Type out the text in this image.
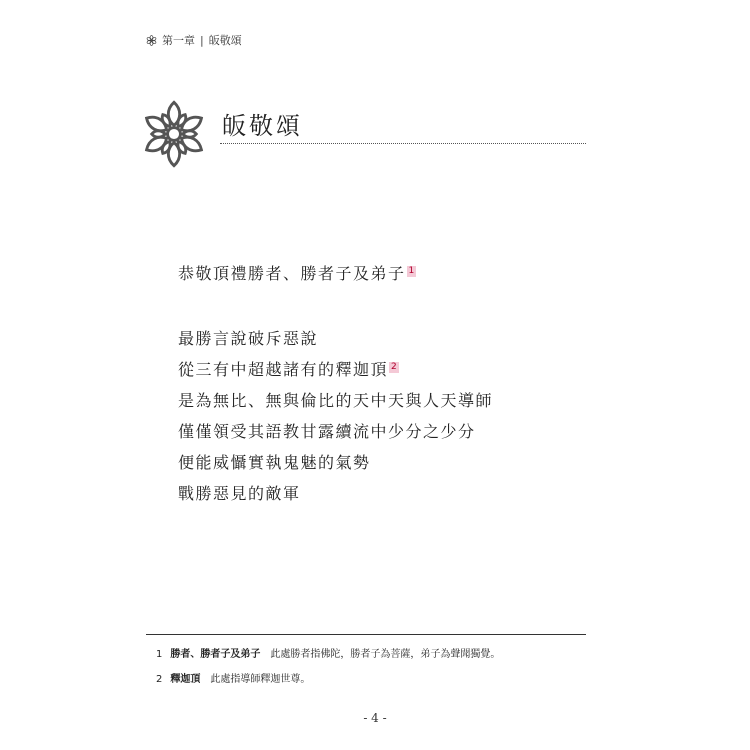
第一章 | 皈敬頌
皈敬頌
恭敬頂禮勝者、勝者子及弟子 $^1$
最勝言說破斥惡說
從三有中超越諸有的釋迦頂 $^2$
是為無比、無與倫比的天中天與人天導師
僅僅領受其語教甘露續流中少分之少分
便能威懾實執鬼魅的氣勢
戰勝惡見的敵軍
1 勝者、勝者子及弟子 此處勝者指佛陀，勝者子為菩薩，弟子為聲聞獨覺。
2 釋迦頂 此處指導師釋迦世尊。
- 4 -
